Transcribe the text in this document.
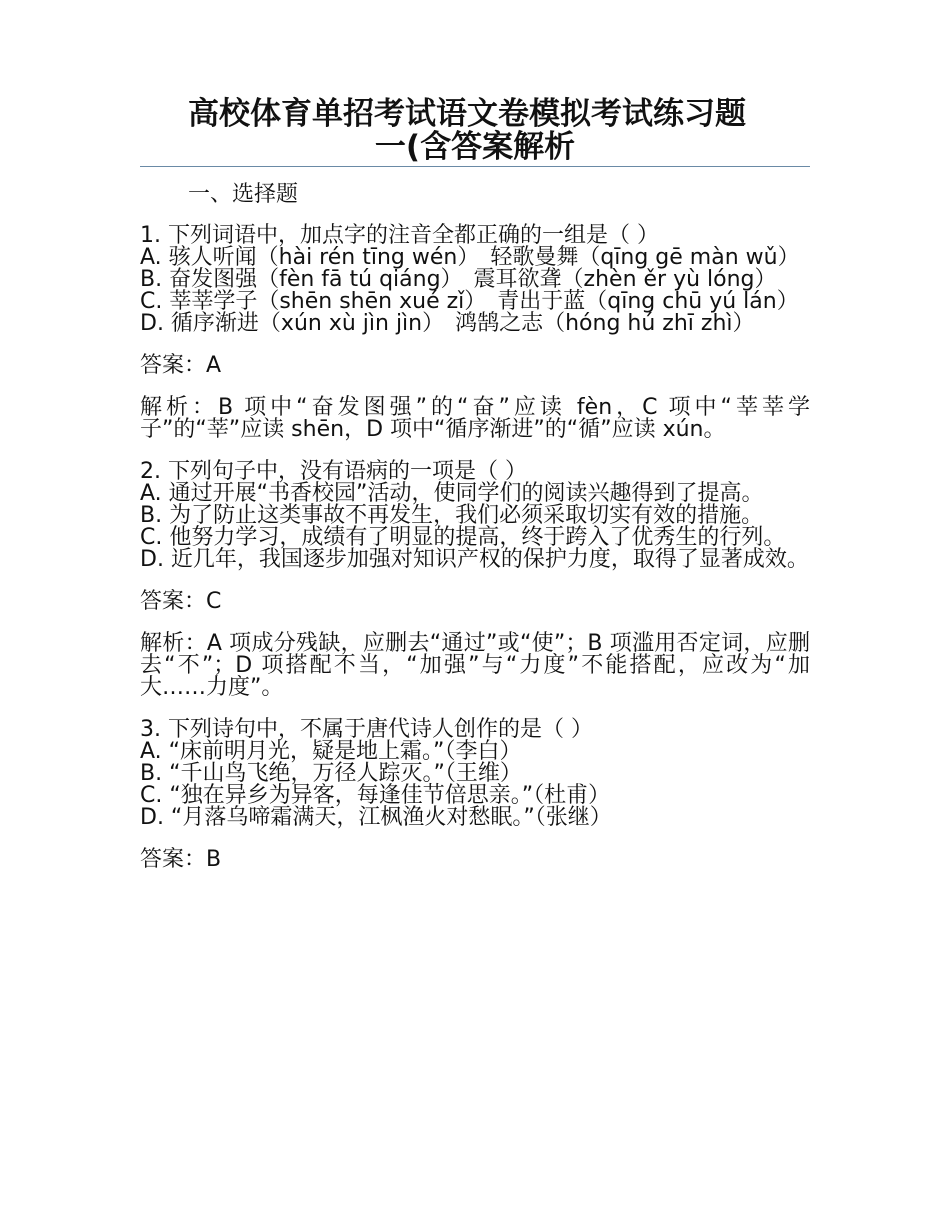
高校体育单招考试语文卷模拟考试练习题
一(含答案解析
一、选择题

1. 下列词语中，加点字的注音全都正确的一组是（ ）

A. 骇人听闻（hài rén tīng wén）　轻歌曼舞（qīng gē màn wǔ）

B. 奋发图强（fèn fā tú qiáng）　震耳欲聋（zhèn ěr yù lóng）

C. 莘莘学子（shēn shēn xué zǐ）　青出于蓝（qīng chū yú lán）

D. 循序渐进（xún xù jìn jìn）　鸿鹄之志（hóng hú zhī zhì）

答案：A
解析：B 项中“奋发图强”的“奋”应读 fèn，C 项中“莘莘学子”的“莘”应读 shēn，D 项中“循序渐进”的“循”应读 xún。

2. 下列句子中，没有语病的一项是（ ）

A. 通过开展“书香校园”活动，使同学们的阅读兴趣得到了提高。

B. 为了防止这类事故不再发生，我们必须采取切实有效的措施。

C. 他努力学习，成绩有了明显的提高，终于跨入了优秀生的行列。

D. 近几年，我国逐步加强对知识产权的保护力度，取得了显著成效。

答案：C
解析：A 项成分残缺，应删去“通过”或“使”；B 项滥用否定词，应删去“不”；D 项搭配不当，“加强”与“力度”不能搭配，应改为“加大……力度”。

3. 下列诗句中，不属于唐代诗人创作的是（ ）

A. “床前明月光，疑是地上霜。”（李白）

B. “千山鸟飞绝，万径人踪灭。”（王维）

C. “独在异乡为异客，每逢佳节倍思亲。”（杜甫）

D. “月落乌啼霜满天，江枫渔火对愁眠。”（张继）

答案：B
